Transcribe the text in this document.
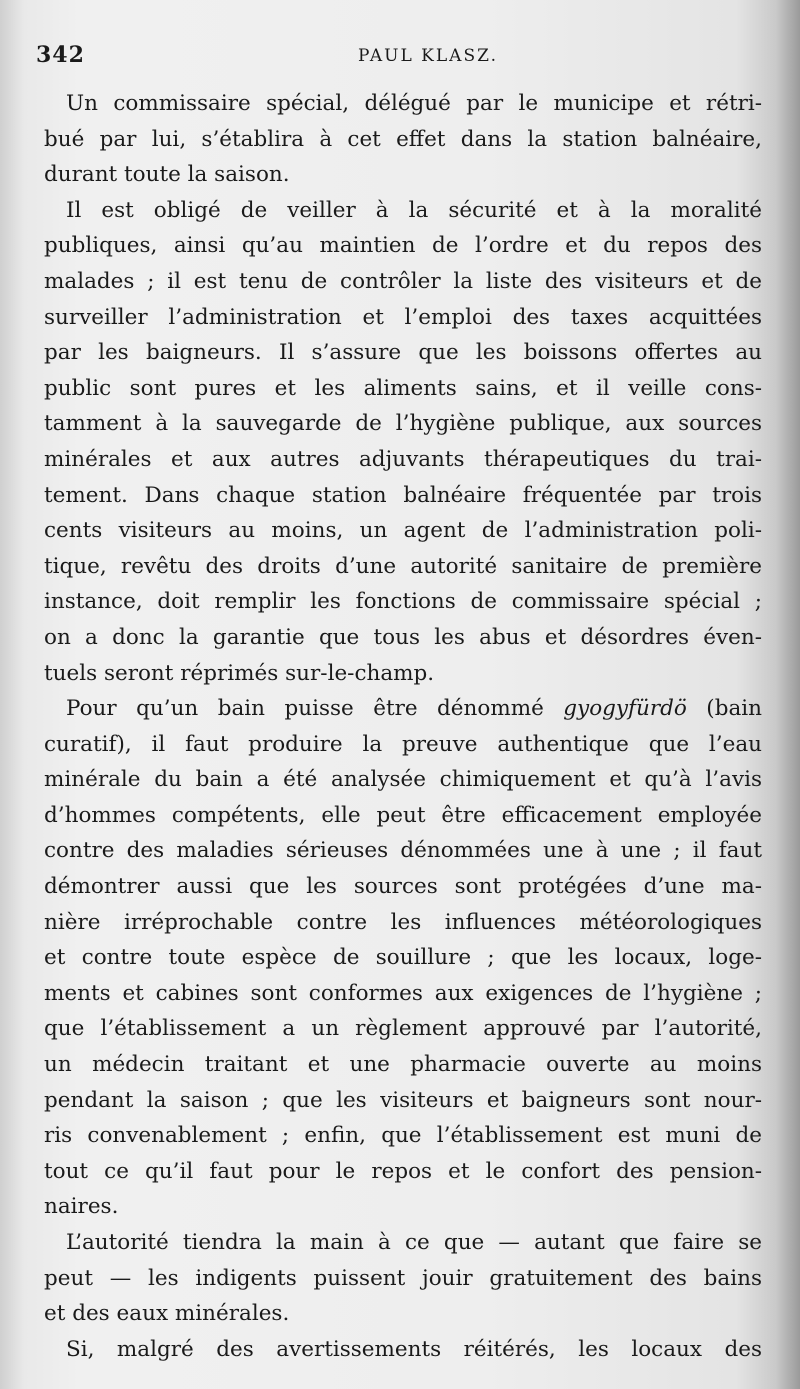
342	PAUL KLASZ.
Un commissaire spécial, délégué par le municipe et rétri-
bué par lui, s’établira à cet effet dans la station balnéaire,
durant toute la saison.
Il est obligé de veiller à la sécurité et à la moralité
publiques, ainsi qu’au maintien de l’ordre et du repos des
malades ; il est tenu de contrôler la liste des visiteurs et de
surveiller l’administration et l’emploi des taxes acquittées
par les baigneurs. Il s’assure que les boissons offertes au
public sont pures et les aliments sains, et il veille cons-
tamment à la sauvegarde de l’hygiène publique, aux sources
minérales et aux autres adjuvants thérapeutiques du trai-
tement. Dans chaque station balnéaire fréquentée par trois
cents visiteurs au moins, un agent de l’administration poli-
tique, revêtu des droits d’une autorité sanitaire de première
instance, doit remplir les fonctions de commissaire spécial ;
on a donc la garantie que tous les abus et désordres éven-
tuels seront réprimés sur-le-champ.
Pour qu’un bain puisse être dénommé gyogyfürdö (bain
curatif), il faut produire la preuve authentique que l’eau
minérale du bain a été analysée chimiquement et qu’à l’avis
d’hommes compétents, elle peut être efficacement employée
contre des maladies sérieuses dénommées une à une ; il faut
démontrer aussi que les sources sont protégées d’une ma-
nière irréprochable contre les influences météorologiques
et contre toute espèce de souillure ; que les locaux, loge-
ments et cabines sont conformes aux exigences de l’hygiène ;
que l’établissement a un règlement approuvé par l’autorité,
un médecin traitant et une pharmacie ouverte au moins
pendant la saison ; que les visiteurs et baigneurs sont nour-
ris convenablement ; enfin, que l’établissement est muni de
tout ce qu’il faut pour le repos et le confort des pension-
naires.
L’autorité tiendra la main à ce que — autant que faire se
peut — les indigents puissent jouir gratuitement des bains
et des eaux minérales.
Si, malgré des avertissements réitérés, les locaux des
